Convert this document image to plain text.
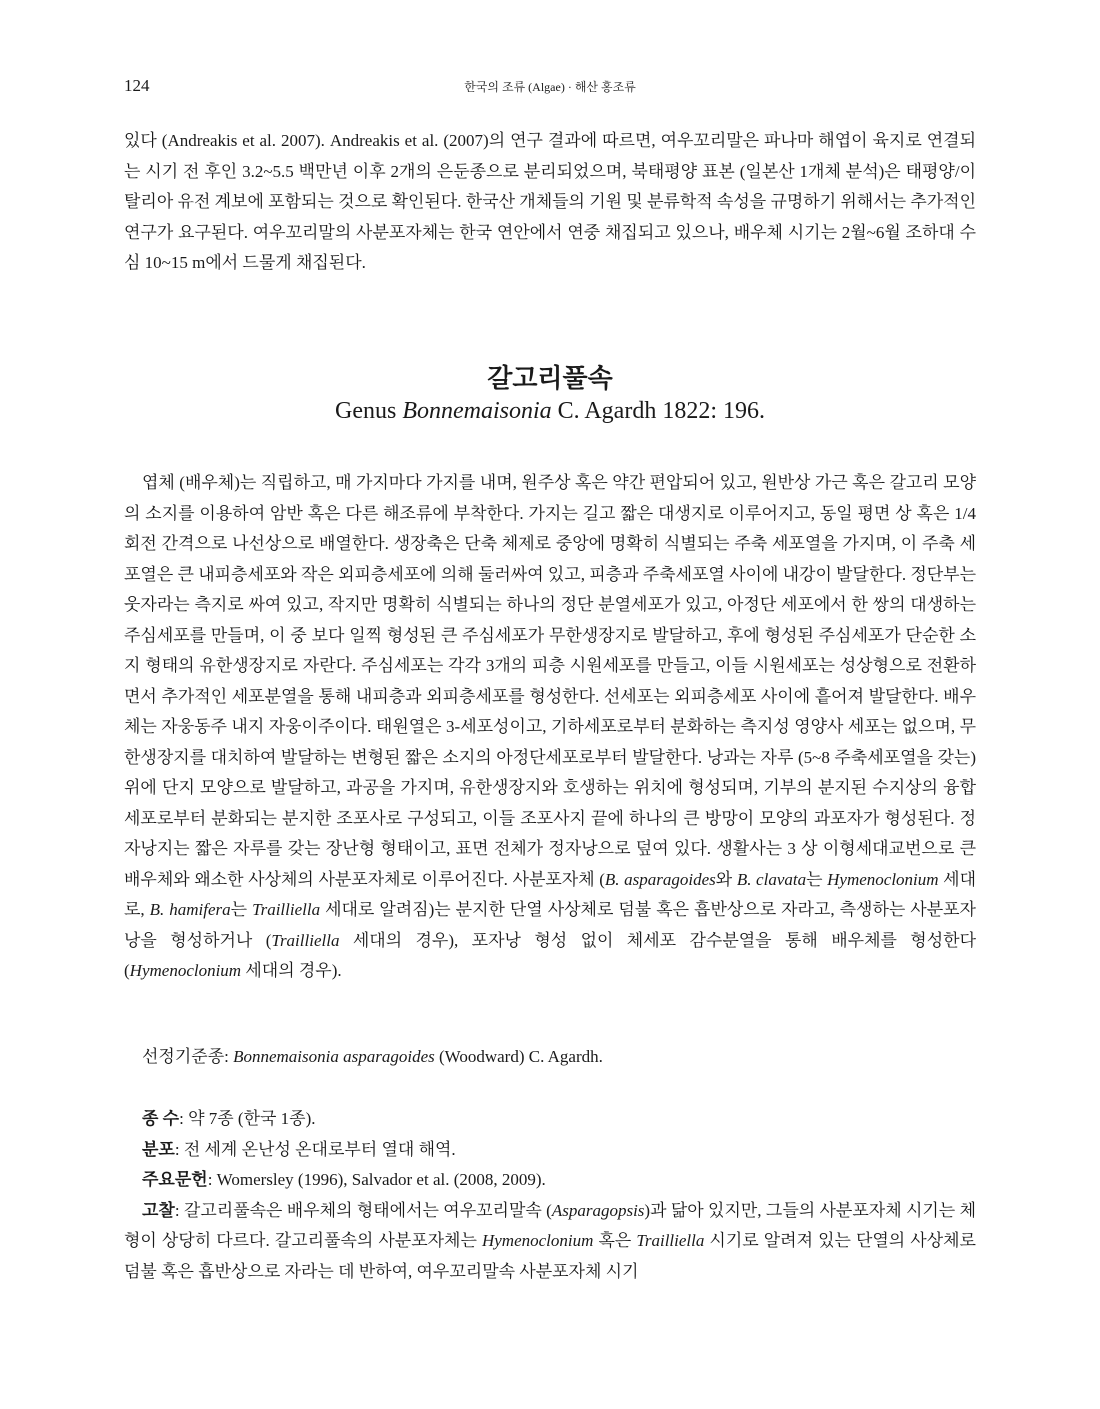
124	한국의 조류 (Algae) · 해산 홍조류

있다 (Andreakis et al. 2007). Andreakis et al. (2007)의 연구 결과에 따르면, 여우꼬리말은 파나마 해엽이 육지로 연결되는 시기 전 후인 3.2~5.5 백만년 이후 2개의 은둔종으로 분리되었으며, 북태평양 표본 (일본산 1개체 분석)은 태평양/이탈리아 유전 계보에 포함되는 것으로 확인된다. 한국산 개체들의 기원 및 분류학적 속성을 규명하기 위해서는 추가적인 연구가 요구된다. 여우꼬리말의 사분포자체는 한국 연안에서 연중 채집되고 있으나, 배우체 시기는 2월~6월 조하대 수심 10~15 m에서 드물게 채집된다.

갈고리풀속
Genus Bonnemaisonia C. Agardh 1822: 196.

엽체 (배우체)는 직립하고, 매 가지마다 가지를 내며, 원주상 혹은 약간 편압되어 있고, 원반상 가근 혹은 갈고리 모양의 소지를 이용하여 암반 혹은 다른 해조류에 부착한다. 가지는 길고 짧은 대생지로 이루어지고, 동일 평면 상 혹은 1/4 회전 간격으로 나선상으로 배열한다. 생장축은 단축 체제로 중앙에 명확히 식별되는 주축 세포열을 가지며, 이 주축 세포열은 큰 내피층세포와 작은 외피층세포에 의해 둘러싸여 있고, 피층과 주축세포열 사이에 내강이 발달한다. 정단부는 웃자라는 측지로 싸여 있고, 작지만 명확히 식별되는 하나의 정단 분열세포가 있고, 아정단 세포에서 한 쌍의 대생하는 주심세포를 만들며, 이 중 보다 일찍 형성된 큰 주심세포가 무한생장지로 발달하고, 후에 형성된 주심세포가 단순한 소지 형태의 유한생장지로 자란다. 주심세포는 각각 3개의 피층 시원세포를 만들고, 이들 시원세포는 성상형으로 전환하면서 추가적인 세포분열을 통해 내피층과 외피층세포를 형성한다. 선세포는 외피층세포 사이에 흩어져 발달한다. 배우체는 자웅동주 내지 자웅이주이다. 태원열은 3-세포성이고, 기하세포로부터 분화하는 측지성 영양사 세포는 없으며, 무한생장지를 대치하여 발달하는 변형된 짧은 소지의 아정단세포로부터 발달한다. 낭과는 자루 (5~8 주축세포열을 갖는) 위에 단지 모양으로 발달하고, 과공을 가지며, 유한생장지와 호생하는 위치에 형성되며, 기부의 분지된 수지상의 융합세포로부터 분화되는 분지한 조포사로 구성되고, 이들 조포사지 끝에 하나의 큰 방망이 모양의 과포자가 형성된다. 정자낭지는 짧은 자루를 갖는 장난형 형태이고, 표면 전체가 정자낭으로 덮여 있다. 생활사는 3 상 이형세대교번으로 큰 배우체와 왜소한 사상체의 사분포자체로 이루어진다. 사분포자체 (B. asparagoides와 B. clavata는 Hymenoclonium 세대로, B. hamifera는 Trailliella 세대로 알려짐)는 분지한 단열 사상체로 덤불 혹은 흡반상으로 자라고, 측생하는 사분포자낭을 형성하거나 (Trailliella 세대의 경우), 포자낭 형성 없이 체세포 감수분열을 통해 배우체를 형성한다 (Hymenoclonium 세대의 경우).

선정기준종: Bonnemaisonia asparagoides (Woodward) C. Agardh.
종 수: 약 7종 (한국 1종).
분포: 전 세계 온난성 온대로부터 열대 해역.
주요문헌: Womersley (1996), Salvador et al. (2008, 2009).

고찰: 갈고리풀속은 배우체의 형태에서는 여우꼬리말속 (Asparagopsis)과 닮아 있지만, 그들의 사분포자체 시기는 체형이 상당히 다르다. 갈고리풀속의 사분포자체는 Hymenoclonium 혹은 Trailliella 시기로 알려져 있는 단열의 사상체로 덤불 혹은 흡반상으로 자라는 데 반하여, 여우꼬리말속 사분포자체 시기
